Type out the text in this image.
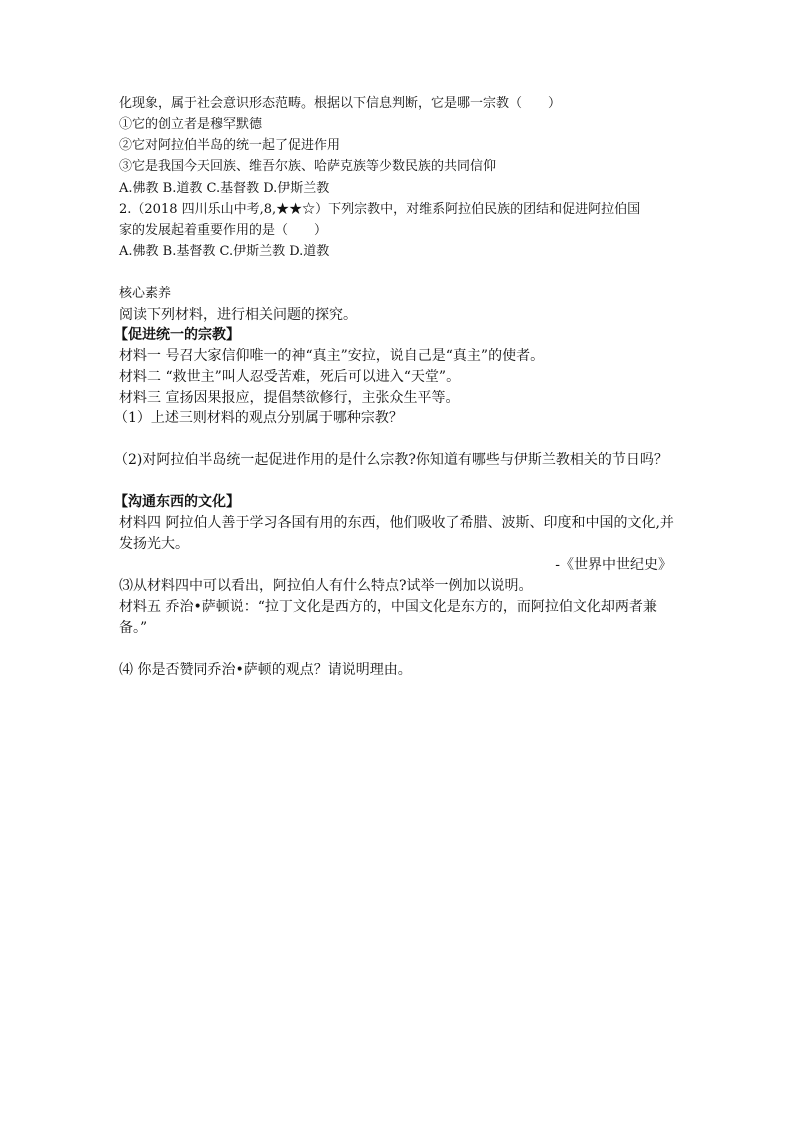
化现象，属于社会意识形态范畴。根据以下信息判断，它是哪一宗教（　　）
①它的创立者是穆罕默德
②它对阿拉伯半岛的统一起了促进作用
③它是我国今天回族、维吾尔族、哈萨克族等少数民族的共同信仰
A.佛教 B.道教 C.基督教 D.伊斯兰教
2.（2018 四川乐山中考,8,★★☆）下列宗教中，对维系阿拉伯民族的团结和促进阿拉伯国
家的发展起着重要作用的是（　　）
A.佛教 B.基督教 C.伊斯兰教 D.道教
核心素养
阅读下列材料，进行相关问题的探究。
【促进统一的宗教】
材料一 号召大家信仰唯一的神“真主”安拉，说自己是“真主”的使者。
材料二 “救世主”叫人忍受苦难，死后可以进入“天堂”。
材料三 宣扬因果报应，提倡禁欲修行，主张众生平等。
（1）上述三则材料的观点分别属于哪种宗教？
（2)对阿拉伯半岛统一起促进作用的是什么宗教?你知道有哪些与伊斯兰教相关的节日吗？
【沟通东西的文化】
材料四 阿拉伯人善于学习各国有用的东西，他们吸收了希腊、波斯、印度和中国的文化,并
发扬光大。
-《世界中世纪史》
⑶从材料四中可以看出，阿拉伯人有什么特点?试举一例加以说明。
材料五 乔治•萨顿说：“拉丁文化是西方的，中国文化是东方的，而阿拉伯文化却两者兼
备。”
⑷ 你是否赞同乔治•萨顿的观点？请说明理由。
